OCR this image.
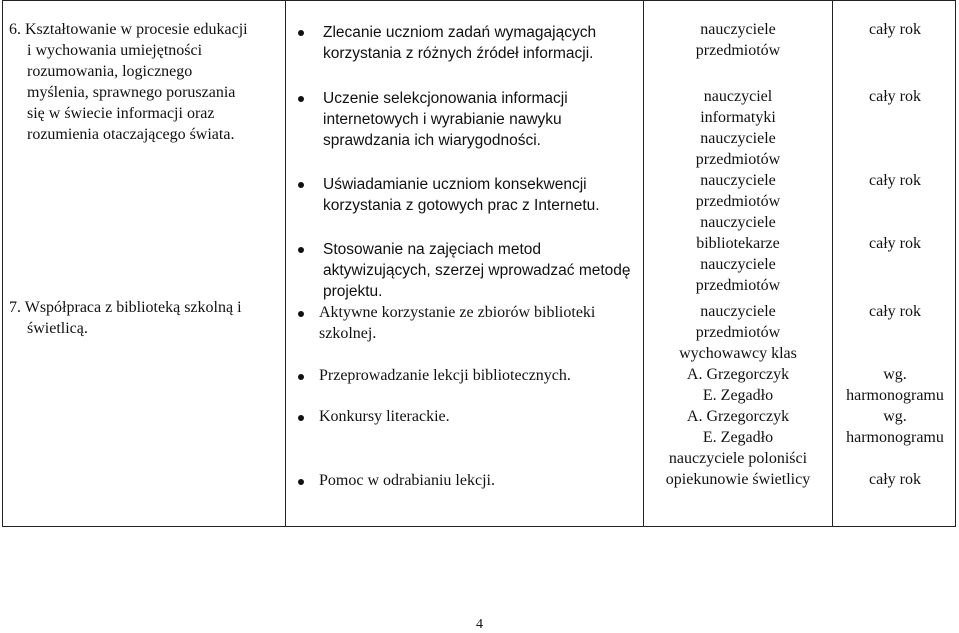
6. Kształtowanie w procesie edukacji
i wychowania umiejętności
rozumowania, logicznego
myślenia, sprawnego poruszania
się w świecie informacji oraz
rozumienia otaczającego świata.
7. Współpraca z biblioteką szkolną i
świetlicą.
Zlecanie uczniom zadań wymagających
korzystania z różnych źródeł informacji.
Uczenie selekcjonowania informacji
internetowych i wyrabianie nawyku
sprawdzania ich wiarygodności.
Uświadamianie uczniom konsekwencji
korzystania z gotowych prac z Internetu.
Stosowanie na zajęciach metod
aktywizujących, szerzej wprowadzać metodę
projektu.
Aktywne korzystanie ze zbiorów biblioteki
szkolnej.
Przeprowadzanie lekcji bibliotecznych.
Konkursy literackie.
Pomoc w odrabianiu lekcji.
nauczyciele
przedmiotów
nauczyciel
informatyki
nauczyciele
przedmiotów
nauczyciele
przedmiotów
nauczyciele
bibliotekarze
nauczyciele
przedmiotów
nauczyciele
przedmiotów
wychowawcy klas
A. Grzegorczyk
E. Zegadło
A. Grzegorczyk
E. Zegadło
nauczyciele poloniści
opiekunowie świetlicy
cały rok
cały rok
cały rok
cały rok
cały rok
wg.
harmonogramu
wg.
harmonogramu
cały rok
4
